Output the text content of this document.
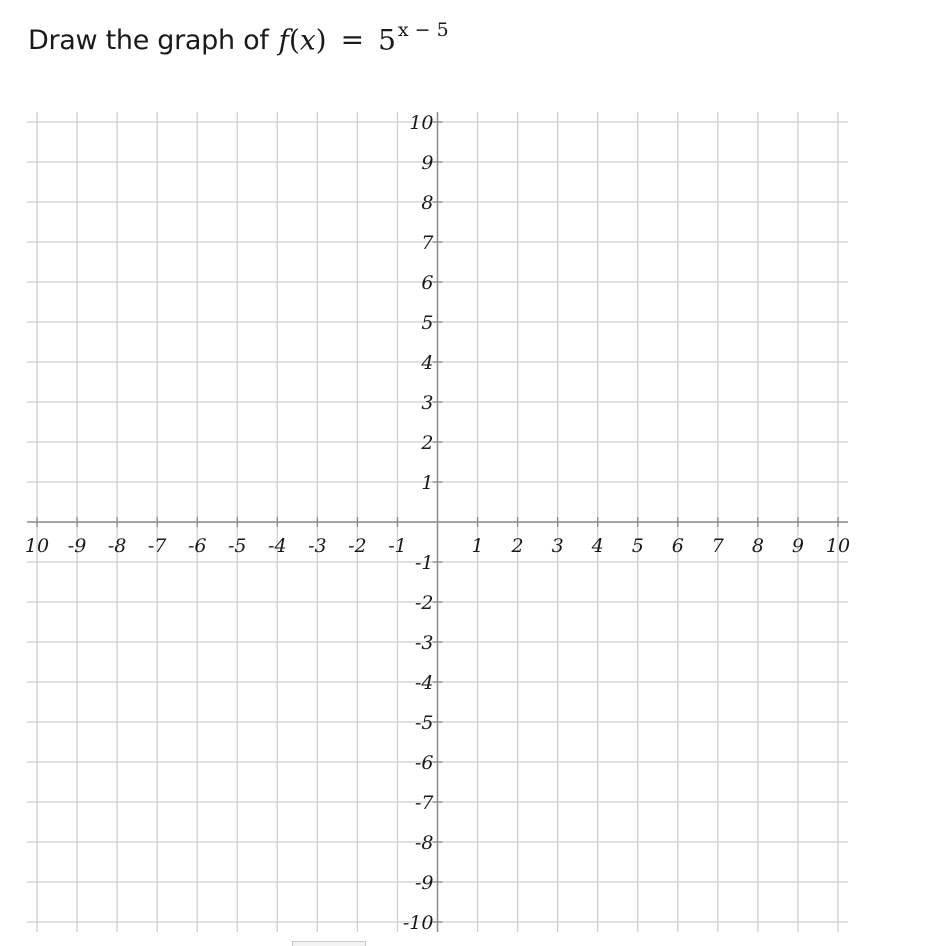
Draw the graph of f(x) = 5 $^{x - 5}$
10 -9 -8 -7 -6 -5 -4 -3 -2 -1	1 2 3 4 5 6 7 8 9 10
10
9
8
7
6
5
4
3
2
1
-1
-2
-3
-4
-5
-6
-7
-8
-9
-10
